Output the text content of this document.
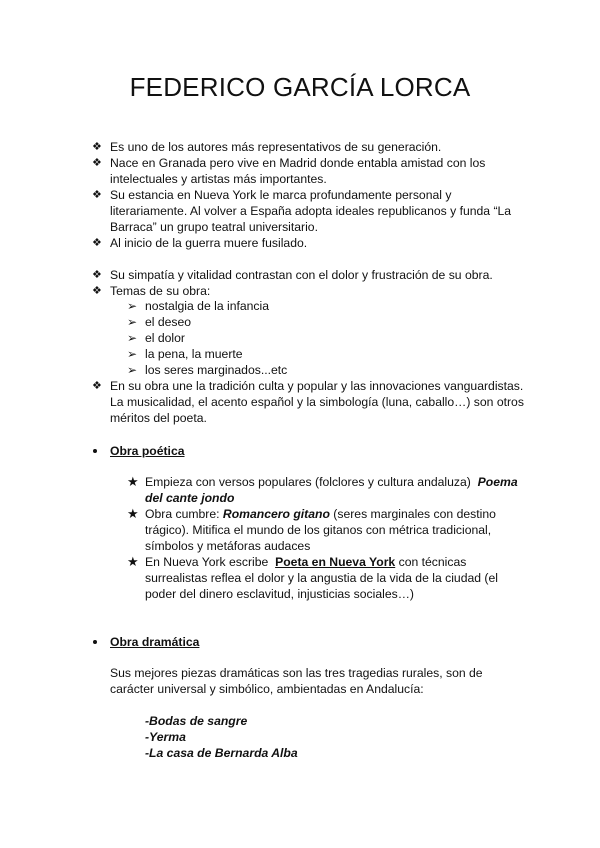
FEDERICO GARCÍA LORCA
❖ Es uno de los autores más representativos de su generación.
❖ Nace en Granada pero vive en Madrid donde entabla amistad con los
intelectuales y artistas más importantes.
❖ Su estancia en Nueva York le marca profundamente personal y
literariamente. Al volver a España adopta ideales republicanos y funda “La
Barraca” un grupo teatral universitario.
❖ Al inicio de la guerra muere fusilado.
❖ Su simpatía y vitalidad contrastan con el dolor y frustración de su obra.
❖ Temas de su obra:
➢ nostalgia de la infancia
➢ el deseo
➢ el dolor
➢ la pena, la muerte
➢ los seres marginados...etc
❖ En su obra une la tradición culta y popular y las innovaciones vanguardistas.
La musicalidad, el acento español y la simbología (luna, caballo…) son otros
méritos del poeta.
Obra poética
★ Empieza con versos populares (folclores y cultura andaluza) Poema
del cante jondo
★ Obra cumbre: Romancero gitano (seres marginales con destino
trágico). Mitifica el mundo de los gitanos con métrica tradicional,
símbolos y metáforas audaces
★ En Nueva York escribe Poeta en Nueva York con técnicas
surrealistas reflea el dolor y la angustia de la vida de la ciudad (el
poder del dinero esclavitud, injusticias sociales…)
Obra dramática
Sus mejores piezas dramáticas son las tres tragedias rurales, son de
carácter universal y simbólico, ambientadas en Andalucía:
-Bodas de sangre
-Yerma
-La casa de Bernarda Alba
